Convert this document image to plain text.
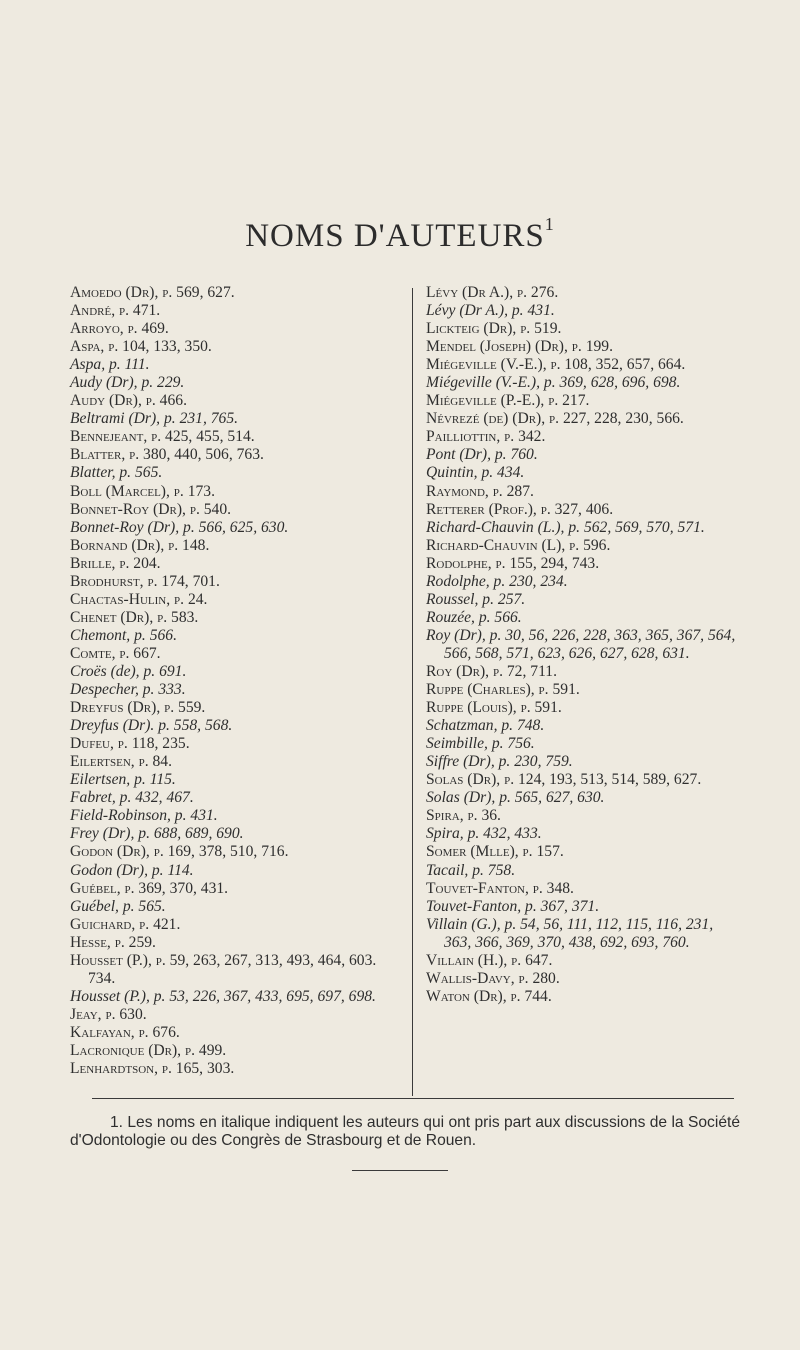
NOMS D'AUTEURS$^1$
Amoedo (Dr), p. 569, 627.
André, p. 471.
Arroyo, p. 469.
Aspa, p. 104, 133, 350.
Aspa, p. 111.
Audy (Dr), p. 229.
Audy (Dr), p. 466.
Beltrami (Dr), p. 231, 765.
Bennejeant, p. 425, 455, 514.
Blatter, p. 380, 440, 506, 763.
Blatter, p. 565.
Boll (Marcel), p. 173.
Bonnet-Roy (Dr), p. 540.
Bonnet-Roy (Dr), p. 566, 625, 630.
Bornand (Dr), p. 148.
Brille, p. 204.
Brodhurst, p. 174, 701.
Chactas-Hulin, p. 24.
Chenet (Dr), p. 583.
Chemont, p. 566.
Comte, p. 667.
Croës (de), p. 691.
Despecher, p. 333.
Dreyfus (Dr), p. 559.
Dreyfus (Dr). p. 558, 568.
Dufeu, p. 118, 235.
Eilertsen, p. 84.
Eilertsen, p. 115.
Fabret, p. 432, 467.
Field-Robinson, p. 431.
Frey (Dr), p. 688, 689, 690.
Godon (Dr), p. 169, 378, 510, 716.
Godon (Dr), p. 114.
Guébel, p. 369, 370, 431.
Guébel, p. 565.
Guichard, p. 421.
Hesse, p. 259.
Housset (P.), p. 59, 263, 267, 313, 493, 464, 603. 734.
Housset (P.), p. 53, 226, 367, 433, 695, 697, 698.
Jeay, p. 630.
Kalfayan, p. 676.
Lacronique (Dr), p. 499.
Lenhardtson, p. 165, 303.
Lévy (Dr A.), p. 276.
Lévy (Dr A.), p. 431.
Lickteig (Dr), p. 519.
Mendel (Joseph) (Dr), p. 199.
Miégeville (V.-E.), p. 108, 352, 657, 664.
Miégeville (V.-E.), p. 369, 628, 696, 698.
Miégeville (P.-E.), p. 217.
Névrezé (de) (Dr), p. 227, 228, 230, 566.
Pailliottin, p. 342.
Pont (Dr), p. 760.
Quintin, p. 434.
Raymond, p. 287.
Retterer (Prof.), p. 327, 406.
Richard-Chauvin (L.), p. 562, 569, 570, 571.
Richard-Chauvin (L), p. 596.
Rodolphe, p. 155, 294, 743.
Rodolphe, p. 230, 234.
Roussel, p. 257.
Rouzée, p. 566.
Roy (Dr), p. 30, 56, 226, 228, 363, 365, 367, 564, 566, 568, 571, 623, 626, 627, 628, 631.
Roy (Dr), p. 72, 711.
Ruppe (Charles), p. 591.
Ruppe (Louis), p. 591.
Schatzman, p. 748.
Seimbille, p. 756.
Siffre (Dr), p. 230, 759.
Solas (Dr), p. 124, 193, 513, 514, 589, 627.
Solas (Dr), p. 565, 627, 630.
Spira, p. 36.
Spira, p. 432, 433.
Somer (Mlle), p. 157.
Tacail, p. 758.
Touvet-Fanton, p. 348.
Touvet-Fanton, p. 367, 371.
Villain (G.), p. 54, 56, 111, 112, 115, 116, 231, 363, 366, 369, 370, 438, 692, 693, 760.
Villain (H.), p. 647.
Wallis-Davy, p. 280.
Waton (Dr), p. 744.
1. Les noms en italique indiquent les auteurs qui ont pris part aux discussions de la Société d'Odontologie ou des Congrès de Strasbourg et de Rouen.
